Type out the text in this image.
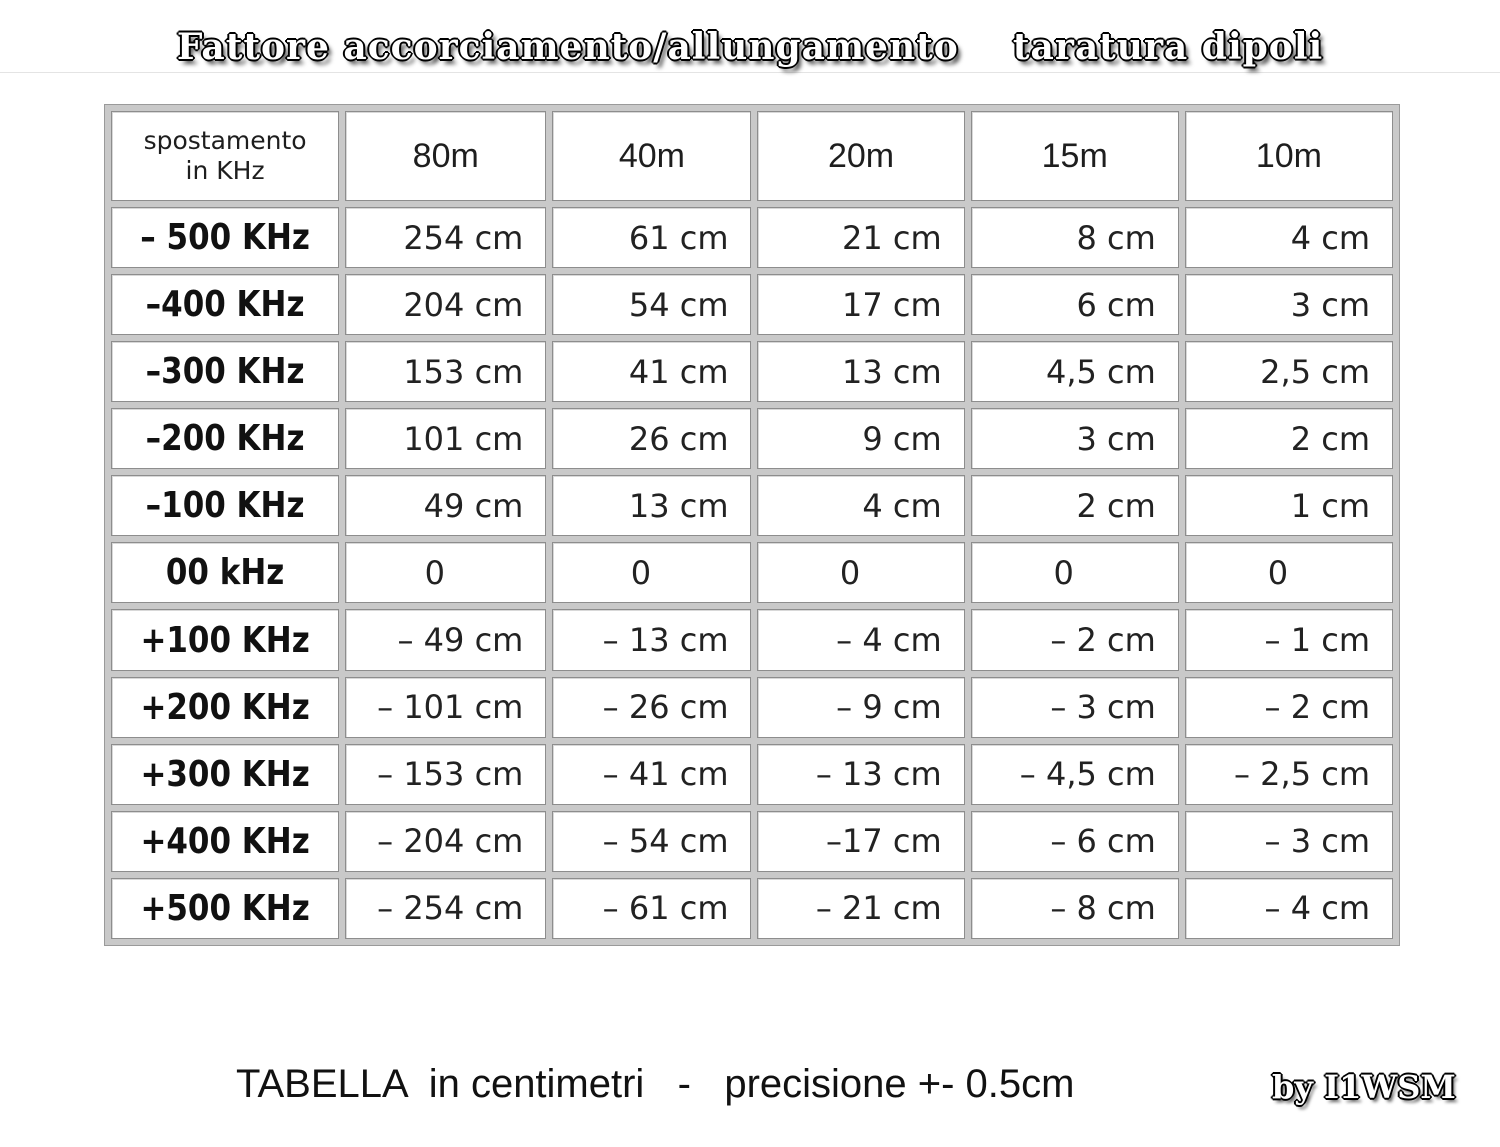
Fattore accorciamento/allungamento    taratura dipoli
spostamento
in KHz	80m	40m	20m	15m	10m

– 500 KHz	254 cm	61 cm	21 cm	8 cm	4 cm

–400 KHz	204 cm	54 cm	17 cm	6 cm	3 cm

–300 KHz	153 cm	41 cm	13 cm	4,5 cm	2,5 cm

–200 KHz	101 cm	26 cm	9 cm	3 cm	2 cm

–100 KHz	49 cm	13 cm	4 cm	2 cm	1 cm

00 kHz	0	0	0	0	0

+100 KHz	– 49 cm	– 13 cm	– 4 cm	– 2 cm	– 1 cm

+200 KHz	– 101 cm	– 26 cm	– 9 cm	– 3 cm	– 2 cm

+300 KHz	– 153 cm	– 41 cm	– 13 cm	– 4,5 cm	– 2,5 cm

+400 KHz	– 204 cm	– 54 cm	–17 cm	– 6 cm	– 3 cm

+500 KHz	– 254 cm	– 61 cm	– 21 cm	– 8 cm	– 4 cm
TABELLA  in centimetri   -   precisione +- 0.5cm	by I1WSM
